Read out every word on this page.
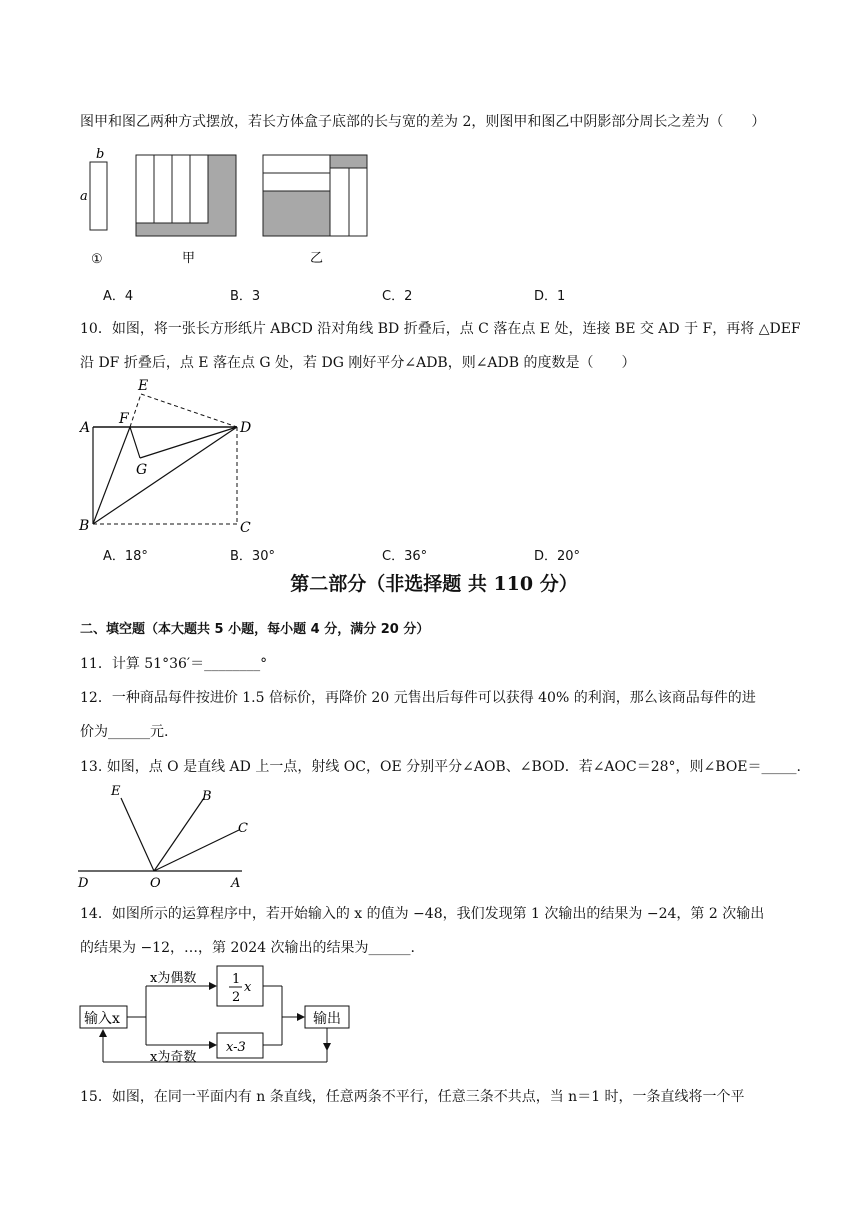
图甲和图乙两种方式摆放，若长方体盒子底部的长与宽的差为 2，则图甲和图乙中阴影部分周长之差为（　　）
b
a
①	甲	乙
A．4	B．3	C．2	D．1
10．如图，将一张长方形纸片 ABCD 沿对角线 BD 折叠后，点 C 落在点 E 处，连接 BE 交 AD 于 F，再将 △DEF
沿 DF 折叠后，点 E 落在点 G 处，若 DG 刚好平分∠ADB，则∠ADB 的度数是（　　）
E
F
A	D
G
B	C
A．18°	B．30°	C．36°	D．20°
第二部分（非选择题 共 110 分）
二、填空题（本大题共 5 小题，每小题 4 分，满分 20 分）
11．计算 51°36′＝________°
12．一种商品每件按进价 1.5 倍标价，再降价 20 元售出后每件可以获得 40% 的利润，那么该商品每件的进
价为______元.
13. 如图，点 O 是直线 AD 上一点，射线 OC，OE 分别平分∠AOB、∠BOD．若∠AOC＝28°，则∠BOE＝_____.
E	B
C
D	O	A
14．如图所示的运算程序中，若开始输入的 x 的值为 −48，我们发现第 1 次输出的结果为 −24，第 2 次输出
的结果为 −12，…，第 2024 次输出的结果为______.
输入x
x为偶数
x为奇数
1
2
x
x-3
输出
15．如图，在同一平面内有 n 条直线，任意两条不平行，任意三条不共点，当 n＝1 时，一条直线将一个平
